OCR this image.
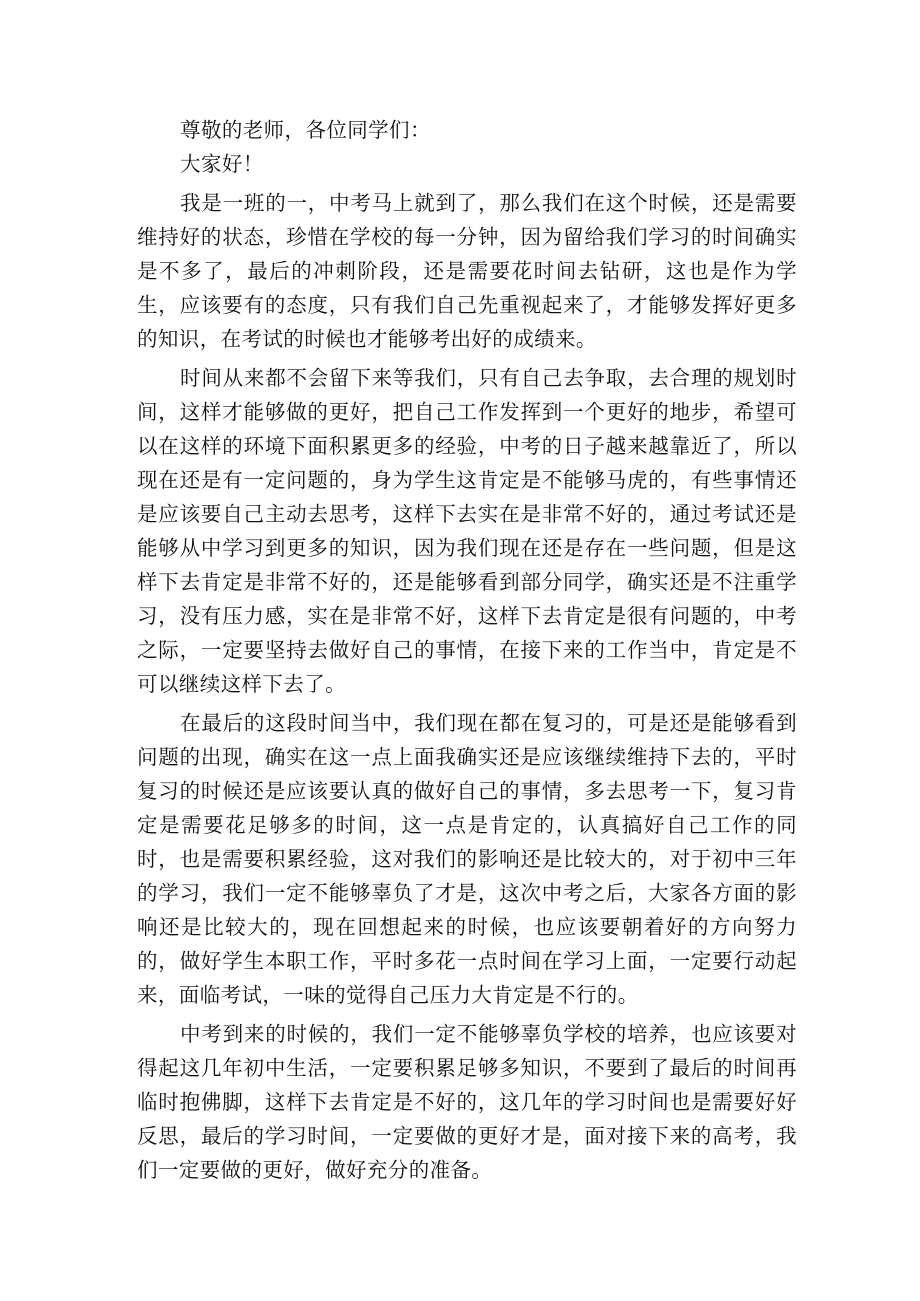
尊敬的老师，各位同学们：

大家好！

我是一班的一，中考马上就到了，那么我们在这个时候，还是需要维持好的状态，珍惜在学校的每一分钟，因为留给我们学习的时间确实是不多了，最后的冲刺阶段，还是需要花时间去钻研，这也是作为学生，应该要有的态度，只有我们自己先重视起来了，才能够发挥好更多的知识，在考试的时候也才能够考出好的成绩来。

时间从来都不会留下来等我们，只有自己去争取，去合理的规划时间，这样才能够做的更好，把自己工作发挥到一个更好的地步，希望可以在这样的环境下面积累更多的经验，中考的日子越来越靠近了，所以现在还是有一定问题的，身为学生这肯定是不能够马虎的，有些事情还是应该要自己主动去思考，这样下去实在是非常不好的，通过考试还是能够从中学习到更多的知识，因为我们现在还是存在一些问题，但是这样下去肯定是非常不好的，还是能够看到部分同学，确实还是不注重学习，没有压力感，实在是非常不好，这样下去肯定是很有问题的，中考之际，一定要坚持去做好自己的事情，在接下来的工作当中，肯定是不可以继续这样下去了。

在最后的这段时间当中，我们现在都在复习的，可是还是能够看到问题的出现，确实在这一点上面我确实还是应该继续维持下去的，平时复习的时候还是应该要认真的做好自己的事情，多去思考一下，复习肯定是需要花足够多的时间，这一点是肯定的，认真搞好自己工作的同时，也是需要积累经验，这对我们的影响还是比较大的，对于初中三年的学习，我们一定不能够辜负了才是，这次中考之后，大家各方面的影响还是比较大的，现在回想起来的时候，也应该要朝着好的方向努力的，做好学生本职工作，平时多花一点时间在学习上面，一定要行动起来，面临考试，一味的觉得自己压力大肯定是不行的。

中考到来的时候的，我们一定不能够辜负学校的培养，也应该要对得起这几年初中生活，一定要积累足够多知识，不要到了最后的时间再临时抱佛脚，这样下去肯定是不好的，这几年的学习时间也是需要好好反思，最后的学习时间，一定要做的更好才是，面对接下来的高考，我们一定要做的更好，做好充分的准备。
